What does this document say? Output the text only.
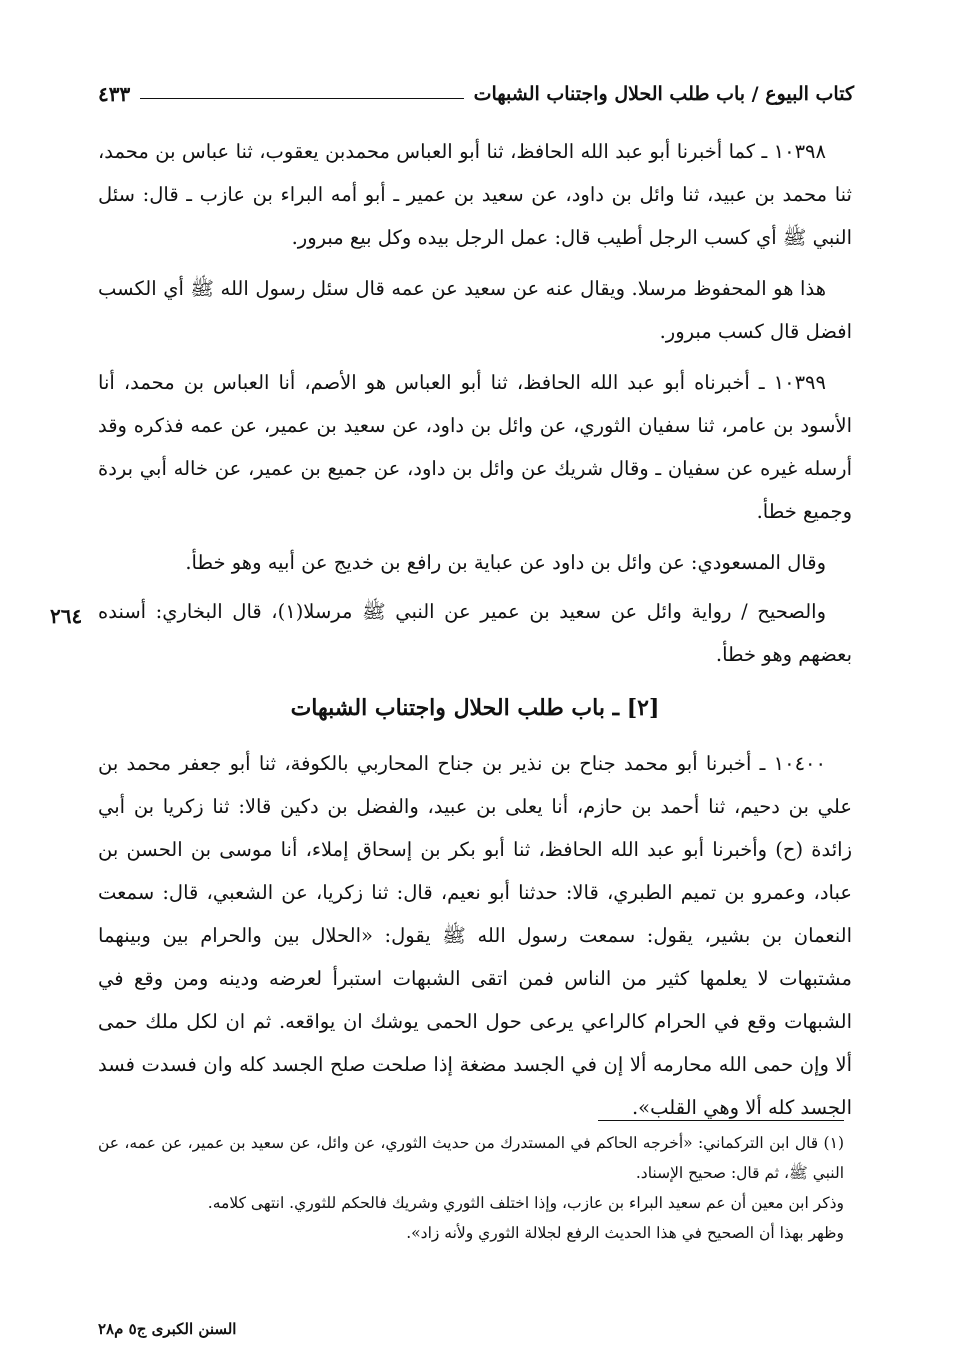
كتاب البيوع / باب طلب الحلال واجتناب الشبهات
٤٣٣

١٠٣٩٨ ـ كما أخبرنا أبو عبد الله الحافظ، ثنا أبو العباس محمدبن يعقوب، ثنا عباس بن محمد، ثنا محمد بن عبيد، ثنا وائل بن داود، عن سعيد بن عمير ـ أبو أمه البراء بن عازب ـ قال: سئل النبي ﷺ أي كسب الرجل أطيب قال: عمل الرجل بيده وكل بيع مبرور.

هذا هو المحفوظ مرسلا. ويقال عنه عن سعيد عن عمه قال سئل رسول الله ﷺ أي الكسب افضل قال كسب مبرور.

١٠٣٩٩ ـ أخبرناه أبو عبد الله الحافظ، ثنا أبو العباس هو الأصم، أنا العباس بن محمد، أنا الأسود بن عامر، ثنا سفيان الثوري، عن وائل بن داود، عن سعيد بن عمير، عن عمه فذكره وقد أرسله غيره عن سفيان ـ وقال شريك عن وائل بن داود، عن جميع بن عمير، عن خاله أبي بردة وجميع خطأ.

وقال المسعودي: عن وائل بن داود عن عباية بن رافع بن خديج عن أبيه وهو خطأ.

والصحيح / رواية وائل عن سعيد بن عمير عن النبي ﷺ مرسلا(١)، قال البخاري: أسنده بعضهم وهو خطأ.

[٢] ـ باب طلب الحلال واجتناب الشبهات

١٠٤٠٠ ـ أخبرنا أبو محمد جناح بن نذير بن جناح المحاربي بالكوفة، ثنا أبو جعفر محمد بن علي بن دحيم، ثنا أحمد بن حازم، أنا يعلى بن عبيد، والفضل بن دكين قالا: ثنا زكريا بن أبي زائدة (ح) وأخبرنا أبو عبد الله الحافظ، ثنا أبو بكر بن إسحاق إملاء، أنا موسى بن الحسن بن عباد، وعمرو بن تميم الطبري، قالا: حدثنا أبو نعيم، قال: ثنا زكريا، عن الشعبي، قال: سمعت النعمان بن بشير، يقول: سمعت رسول الله ﷺ يقول: «الحلال بين والحرام بين وبينهما مشتبهات لا يعلمها كثير من الناس فمن اتقى الشبهات استبرأ لعرضه ودينه ومن وقع في الشبهات وقع في الحرام كالراعي يرعى حول الحمى يوشك ان يواقعه. ثم ان لكل ملك حمى ألا وإن حمى الله محارمه ألا إن في الجسد مضغة إذا صلحت صلح الجسد كله وان فسدت فسد الجسد كله ألا وهي القلب».

٢٦٤

(١) قال ابن التركماني: «أخرجه الحاكم في المستدرك من حديث الثوري، عن وائل، عن سعيد بن عمير، عن عمه، عن النبي ﷺ، ثم قال: صحيح الإسناد.

وذكر ابن معين أن عم سعيد البراء بن عازب، وإذا اختلف الثوري وشريك فالحكم للثوري. انتهى كلامه.

وظهر بهذا أن الصحيح في هذا الحديث الرفع لجلالة الثوري ولأنه زاد».

السنن الكبرى ج٥ م٢٨
